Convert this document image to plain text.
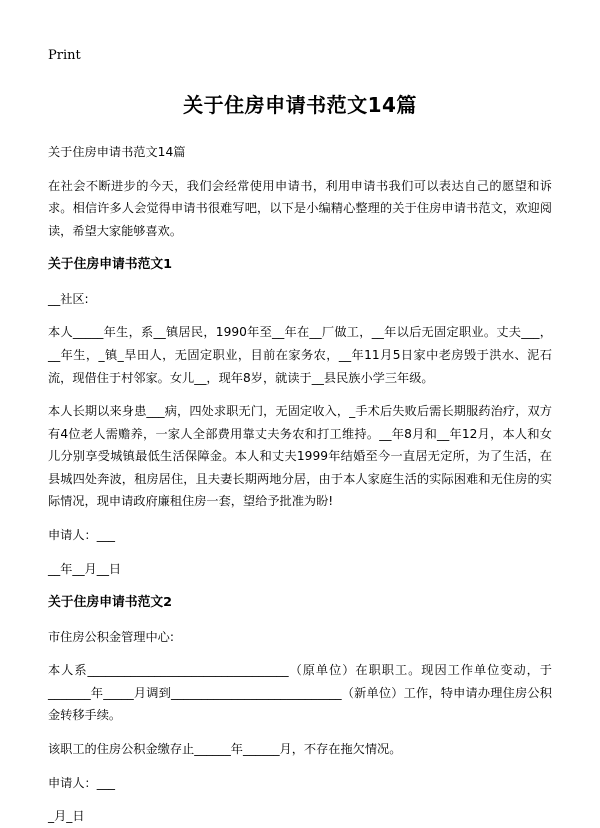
Print
关于住房申请书范文14篇

关于住房申请书范文14篇

在社会不断进步的今天，我们会经常使用申请书，利用申请书我们可以表达自己的愿望和诉求。相信许多人会觉得申请书很难写吧，以下是小编精心整理的关于住房申请书范文，欢迎阅读，希望大家能够喜欢。

关于住房申请书范文1

__社区:

本人_____年生，系__镇居民，1990年至__年在__厂做工，__年以后无固定职业。丈夫___，__年生，_镇_旱田人，无固定职业，目前在家务农，__年11月5日家中老房毁于洪水、泥石流，现借住于村邻家。女儿__，现年8岁，就读于__县民族小学三年级。

本人长期以来身患___病，四处求职无门，无固定收入，_手术后失败后需长期服药治疗，双方有4位老人需赡养，一家人全部费用靠丈夫务农和打工维持。__年8月和__年12月，本人和女儿分别享受城镇最低生活保障金。本人和丈夫1999年结婚至今一直居无定所，为了生活，在县城四处奔波，租房居住，且夫妻长期两地分居，由于本人家庭生活的实际困难和无住房的实际情况，现申请政府廉租住房一套，望给予批准为盼!

申请人：___

__年__月__日

关于住房申请书范文2

市住房公积金管理中心:

本人系_________________________________（原单位）在职职工。现因工作单位变动，于_______年_____月调到____________________________（新单位）工作，特申请办理住房公积金转移手续。

该职工的住房公积金缴存止______年______月，不存在拖欠情况。

申请人：___

_月_日
